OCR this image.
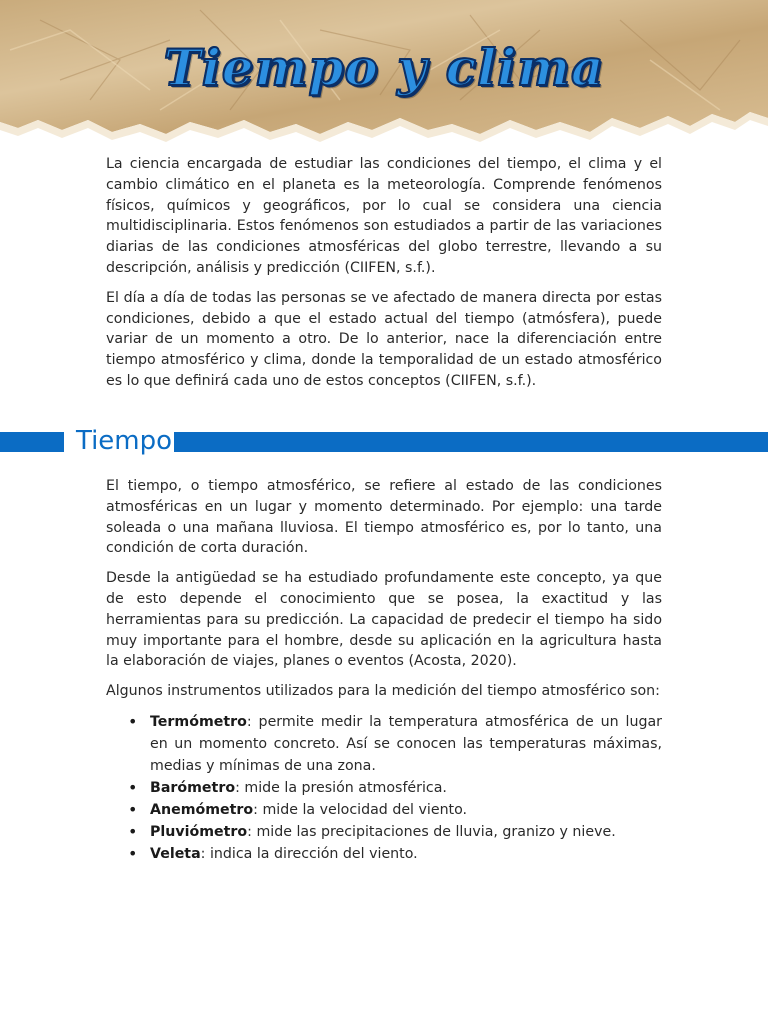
Tiempo y clima

La ciencia encargada de estudiar las condiciones del tiempo, el clima y el cambio climático en el planeta es la meteorología. Comprende fenómenos físicos, químicos y geográficos, por lo cual se considera una ciencia multidisciplinaria. Estos fenómenos son estudiados a partir de las variaciones diarias de las condiciones atmosféricas del globo terrestre, llevando a su descripción, análisis y predicción (CIIFEN, s.f.).

El día a día de todas las personas se ve afectado de manera directa por estas condiciones, debido a que el estado actual del tiempo (atmósfera), puede variar de un momento a otro. De lo anterior, nace la diferenciación entre tiempo atmosférico y clima, donde la temporalidad de un estado atmosférico es lo que definirá cada uno de estos conceptos (CIIFEN, s.f.).

Tiempo

El tiempo, o tiempo atmosférico, se refiere al estado de las condiciones atmosféricas en un lugar y momento determinado. Por ejemplo: una tarde soleada o una mañana lluviosa. El tiempo atmosférico es, por lo tanto, una condición de corta duración.

Desde la antigüedad se ha estudiado profundamente este concepto, ya que de esto depende el conocimiento que se posea, la exactitud y las herramientas para su predicción. La capacidad de predecir el tiempo ha sido muy importante para el hombre, desde su aplicación en la agricultura hasta la elaboración de viajes, planes o eventos (Acosta, 2020).

Algunos instrumentos utilizados para la medición del tiempo atmosférico son:

• Termómetro: permite medir la temperatura atmosférica de un lugar en un momento concreto. Así se conocen las temperaturas máximas, medias y mínimas de una zona.
• Barómetro: mide la presión atmosférica.
• Anemómetro: mide la velocidad del viento.
• Pluviómetro: mide las precipitaciones de lluvia, granizo y nieve.
• Veleta: indica la dirección del viento.
